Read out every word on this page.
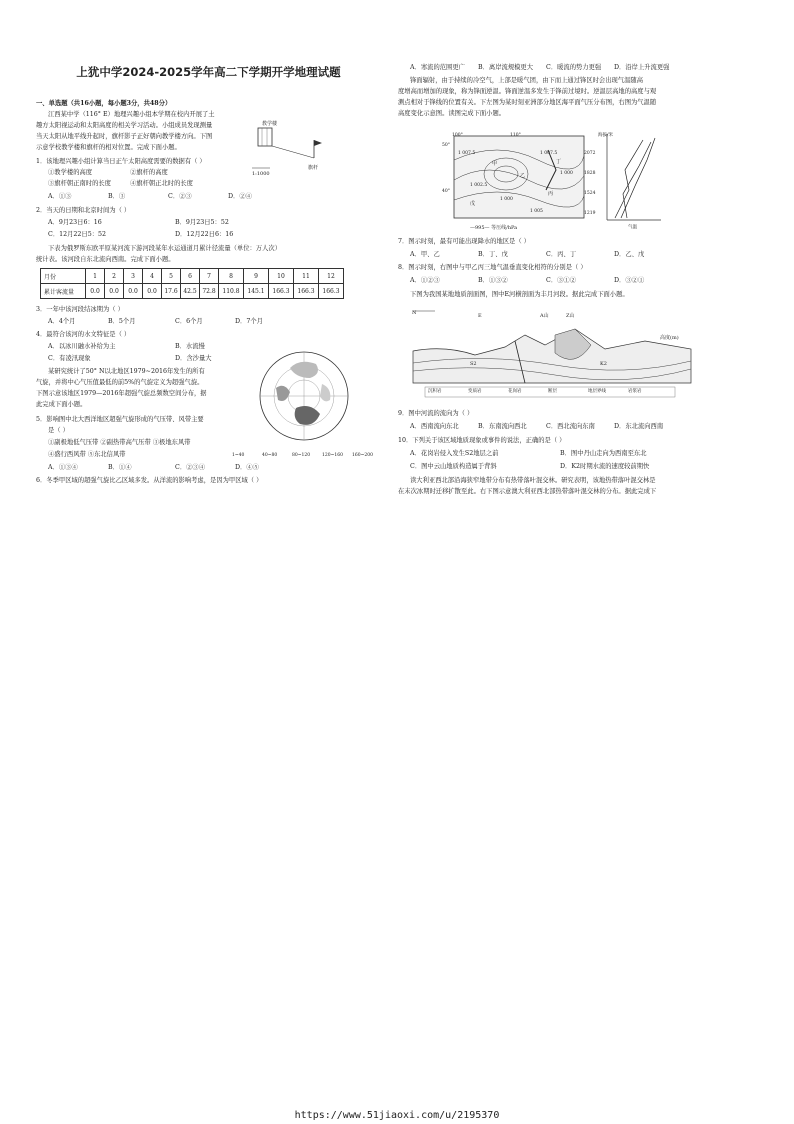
上犹中学2024-2025学年高二下学期开学地理试题
一、单选题（共16小题，每小题3分，共48分）
江西某中学（116° E）地理兴趣小组本学期在校内开展了土
趣方太阳视运动和太阳高度的相关学习活动。小组成员发现测量
当天太阳从地平线升起时，旗杆影子正好朝向教学楼方向。下图
示意学校教学楼和旗杆的相对位置。完成下面小题。
教学楼
旗杆
1:1000
1．该地理兴趣小组计算当日正午太阳高度需要的数据有（ ）
①教学楼的高度	②旗杆的高度
③旗杆朝正南时的长度	④旗杆朝正北时的长度
A．①③	B．③	C．②③	D．②④
2．当天的日期和北京时间为（ ）
A．9月23日6：16	B．9月23日5：52
C．12月22日5：52	D．12月22日6：16
下表为俄罗斯东欧平原某河流下游河段某年水运通道月累计径流量（单位：万人次）
统计表。该河段自东北流向西南。完成下面小题。
月份	1	2	3	4	5	6	7	8	9	10	11	12
累计客流量	0.0	0.0	0.0	0.0	17.6	42.5	72.8	110.8	145.1	166.3	166.3	166.3
3．一年中该河段结冰期为（ ）
A．4个月	B．5个月	C．6个月	D．7个月
4．最符合该河的水文特征是（ ）
A．以冰川融水补给为主	B．水流慢
C．有凌汛现象	D．含沙量大
某研究统计了50° N以北地区1979~2016年发生的所有
气旋，并将中心气压值最低的前5%的气旋定义为超强气旋。
下图示意该地区1979—2016年超强气旋总频数空间分布，据
此完成下面小题。
1~40	40~80	80~120	120~160 160~200
5．影响图中北大西洋地区超强气旋形成的气压带、风带主要
是（ ）
①副极地低气压带 ②副热带高气压带 ③极地东风带
④盛行西风带 ⑤东北信风带
A．①③④	B．①④	C．②③④	D．④⑤
6．冬季甲区域的超强气旋比乙区域多发。从洋流的影响考虑，是因为甲区域（ ）
A．寒流的范围更广 B．离岸流规模更大 C．暖流的势力更强 D．沿岸上升流更强
锋面辐射，由于持续的冷空气，上部是暖气团，由下而上通过锋区时会出现气温随高
度增高而增加的现象，称为锋面逆温。锋面逆温多发生于锋前过境时。逆温层高地的高度与观
测点相对于锋线的位置有关。下左图为某时刻亚洲部分地区海平面气压分布图，右图为气温随
高度变化示意图。读图完成下面小题。
100°	110°
50°
40°
1 007.5
1 002.5
1 000
1 005
1 007.5
1 000
甲
乙
丙
丁
戊
—995— 等压线/hPa
海拔/米
2072
1828
1524
1219
气温
7．图示时刻，最有可能出现降水的地区是（ ）
A．甲、乙	B．丁、戊	C．丙、丁	D．乙、戊
8．图示时刻，右图中与甲乙丙三地气温垂直变化相符的分别是（ ）
A．①②③	B．①③②	C．③①②	D．③②①
下图为我国某地地质剖面图，图中E河横剖面为丰月河段。据此完成下面小题。
N	E	A山	Z山
高度(m)
S2	K2
沉积岩	变质岩	花岗岩	断层	地层界线	岩浆岩
9．图中河流的流向为（ ）
A．西南流向东北	B．东南流向西北	C．西北流向东南	D．东北流向西南
10．下列关于该区域地质现象或事件的说法，正确的是（ ）
A．花岗岩侵入发生S2地层之前	B．图中丹山走向为西南至东北
C．图中云山地质构造属于背斜	D．K2时期水流的速度较前期快
读大利亚西北部沿海狭窄地带分布有热带落叶混交林。研究表明，该地热带落叶混交林是
在末次冰期时迁移扩散至此。右下图示意澳大利亚西北部热带落叶混交林的分布。据此完成下
https://www.51jiaoxi.com/u/2195370
